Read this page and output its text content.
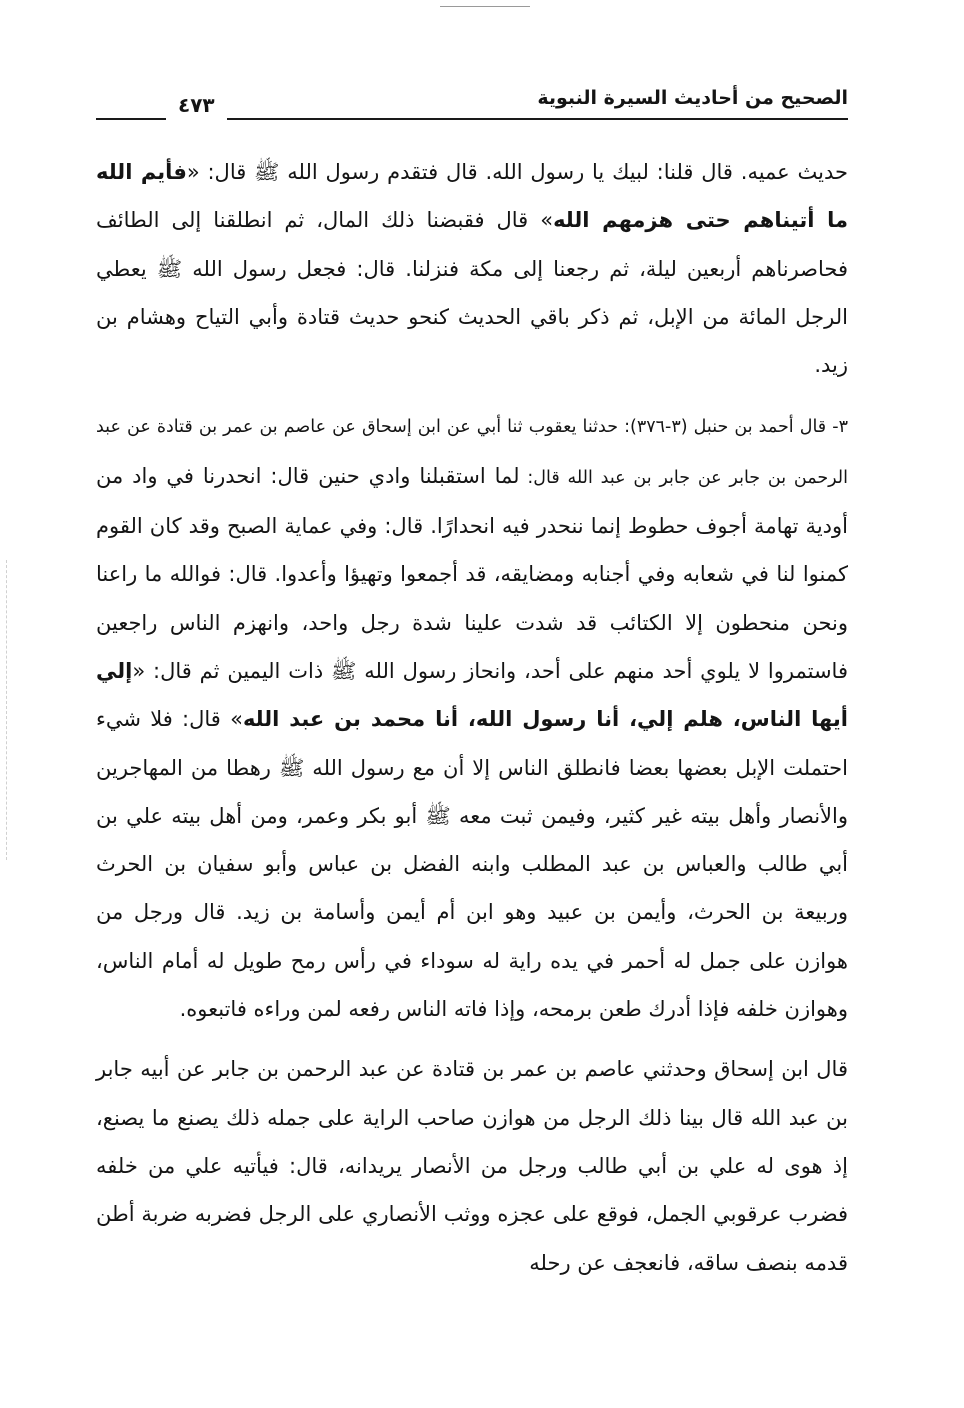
الصحيح من أحاديث السيرة النبوية
٤٧٣

حديث عميه. قال قلنا: لبيك يا رسول الله. قال فتقدم رسول الله ﷺ قال: «فأيم الله ما أتيناهم حتى هزمهم الله» قال فقبضنا ذلك المال، ثم انطلقنا إلى الطائف فحاصرناهم أربعين ليلة، ثم رجعنا إلى مكة فنزلنا. قال: فجعل رسول الله ﷺ يعطي الرجل المائة من الإبل، ثم ذكر باقي الحديث كنحو حديث قتادة وأبي التياح وهشام بن زيد.

٣- قال أحمد بن حنبل (٣-٣٧٦): حدثنا يعقوب ثنا أبي عن ابن إسحاق عن عاصم بن عمر بن قتادة عن عبد الرحمن بن جابر عن جابر بن عبد الله قال: لما استقبلنا وادي حنين قال: انحدرنا في واد من أودية تهامة أجوف حطوط إنما ننحدر فيه انحدارًا. قال: وفي عماية الصبح وقد كان القوم كمنوا لنا في شعابه وفي أجنابه ومضايقه، قد أجمعوا وتهيؤا وأعدوا. قال: فوالله ما راعنا ونحن منحطون إلا الكتائب قد شدت علينا شدة رجل واحد، وانهزم الناس راجعين فاستمروا لا يلوي أحد منهم على أحد، وانحاز رسول الله ﷺ ذات اليمين ثم قال: «إلي أيها الناس، هلم إلي، أنا رسول الله، أنا محمد بن عبد الله» قال: فلا شيء احتملت الإبل بعضها بعضا فانطلق الناس إلا أن مع رسول الله ﷺ رهطا من المهاجرين والأنصار وأهل بيته غير كثير، وفيمن ثبت معه ﷺ أبو بكر وعمر، ومن أهل بيته علي بن أبي طالب والعباس بن عبد المطلب وابنه الفضل بن عباس وأبو سفيان بن الحرث وربيعة بن الحرث، وأيمن بن عبيد وهو ابن أم أيمن وأسامة بن زيد. قال ورجل من هوازن على جمل له أحمر في يده راية له سوداء في رأس رمح طويل له أمام الناس، وهوازن خلفه فإذا أدرك طعن برمحه، وإذا فاته الناس رفعه لمن وراءه فاتبعوه.

قال ابن إسحاق وحدثني عاصم بن عمر بن قتادة عن عبد الرحمن بن جابر عن أبيه جابر بن عبد الله قال بينا ذلك الرجل من هوازن صاحب الراية على جمله ذلك يصنع ما يصنع، إذ هوى له علي بن أبي طالب ورجل من الأنصار يريدانه، قال: فيأتيه علي من خلفه فضرب عرقوبي الجمل، فوقع على عجزه ووثب الأنصاري على الرجل فضربه ضربة أطن قدمه بنصف ساقه، فانعجف عن رحله
